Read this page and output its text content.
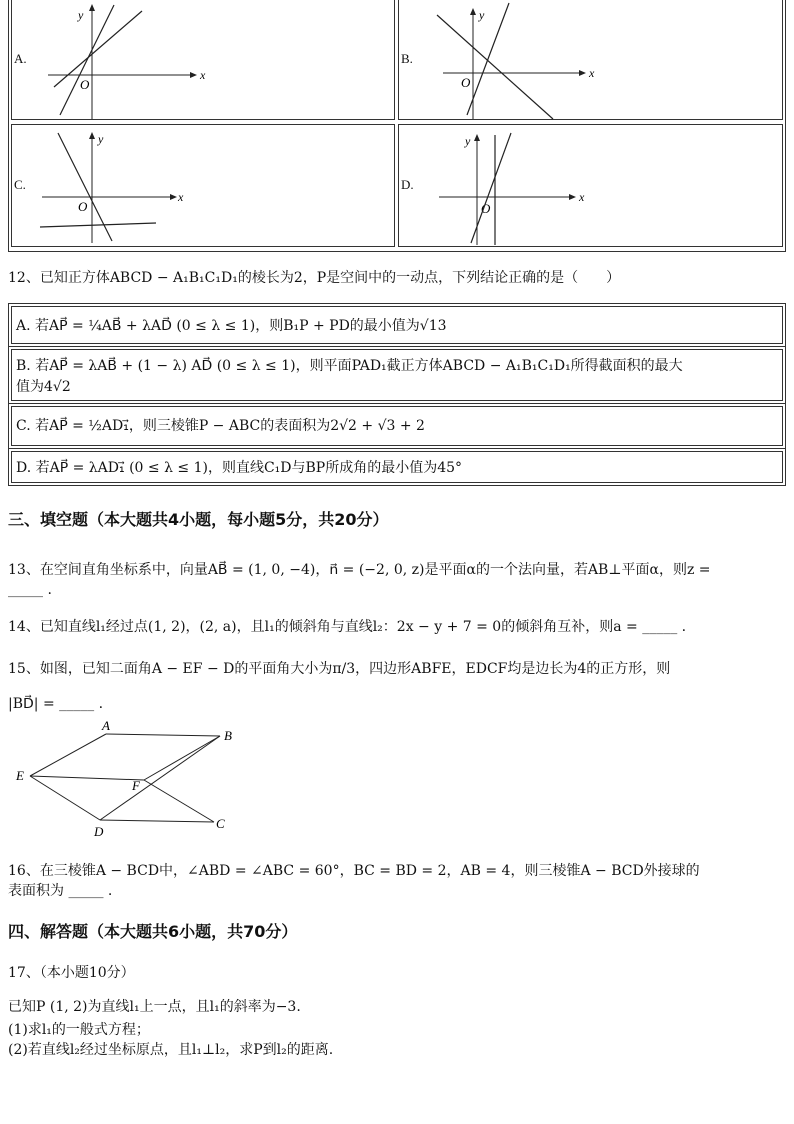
A.
y
x
O
B.
y
x
O
C.
y
x
O
D.
y
x
O
12、已知正方体ABCD − A₁B₁C₁D₁的棱长为2，P是空间中的一动点，下列结论正确的是（　　）
A. 若AP⃗ = ¼AB⃗ + λAD⃗ (0 ≤ λ ≤ 1)，则B₁P + PD的最小值为√13
B. 若AP⃗ = λAB⃗ + (1 − λ) AD⃗ (0 ≤ λ ≤ 1)，则平面PAD₁截正方体ABCD − A₁B₁C₁D₁所得截面积的最大
值为4√2
C. 若AP⃗ = ½AD₁⃗，则三棱锥P − ABC的表面积为2√2 + √3 + 2
D. 若AP⃗ = λAD₁⃗ (0 ≤ λ ≤ 1)，则直线C₁D与BP所成角的最小值为45°
三、填空题（本大题共4小题，每小题5分，共20分）
13、在空间直角坐标系中，向量AB⃗ = (1, 0, −4)，n⃗ = (−2, 0, z)是平面α的一个法向量，若AB⊥平面α，则z =
_____ .
14、已知直线l₁经过点(1, 2)，(2, a)，且l₁的倾斜角与直线l₂：2x − y + 7 = 0的倾斜角互补，则a = _____ .
15、如图，已知二面角A − EF − D的平面角大小为π/3，四边形ABFE，EDCF均是边长为4的正方形，则
|BD⃗| = _____ .
A
B
E
F
D
C
16、在三棱锥A − BCD中，∠ABD = ∠ABC = 60°，BC = BD = 2，AB = 4，则三棱锥A − BCD外接球的
表面积为 _____ .
四、解答题（本大题共6小题，共70分）
17、（本小题10分）
已知P (1, 2)为直线l₁上一点，且l₁的斜率为−3.
(1)求l₁的一般式方程；
(2)若直线l₂经过坐标原点，且l₁⊥l₂，求P到l₂的距离.
